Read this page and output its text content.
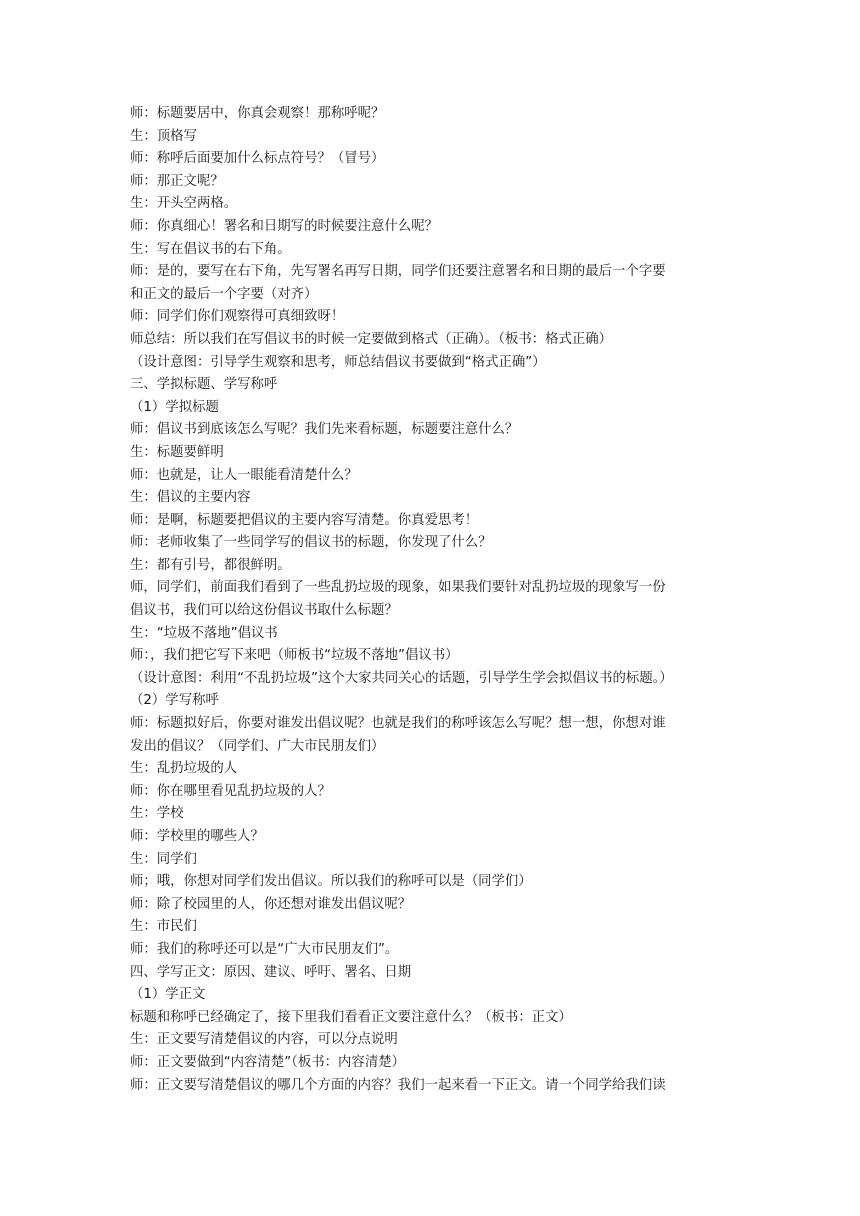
师：标题要居中，你真会观察！那称呼呢？
生：顶格写
师：称呼后面要加什么标点符号？（冒号）
师：那正文呢？
生：开头空两格。
师：你真细心！署名和日期写的时候要注意什么呢？
生：写在倡议书的右下角。
师：是的，要写在右下角，先写署名再写日期，同学们还要注意署名和日期的最后一个字要
和正文的最后一个字要（对齐）
师：同学们你们观察得可真细致呀！
师总结：所以我们在写倡议书的时候一定要做到格式（正确）。（板书：格式正确）
（设计意图：引导学生观察和思考，师总结倡议书要做到“格式正确”）
三、学拟标题、学写称呼
（1）学拟标题
师：倡议书到底该怎么写呢？我们先来看标题，标题要注意什么？
生：标题要鲜明
师：也就是，让人一眼能看清楚什么？
生：倡议的主要内容
师：是啊，标题要把倡议的主要内容写清楚。你真爱思考！
师：老师收集了一些同学写的倡议书的标题，你发现了什么？
生：都有引号，都很鲜明。
师，同学们，前面我们看到了一些乱扔垃圾的现象，如果我们要针对乱扔垃圾的现象写一份
倡议书，我们可以给这份倡议书取什么标题？
生：“垃圾不落地”倡议书
师：，我们把它写下来吧（师板书“垃圾不落地”倡议书）
（设计意图：利用“不乱扔垃圾”这个大家共同关心的话题，引导学生学会拟倡议书的标题。）
（2）学写称呼
师：标题拟好后，你要对谁发出倡议呢？也就是我们的称呼该怎么写呢？想一想，你想对谁
发出的倡议？（同学们、广大市民朋友们）
生：乱扔垃圾的人
师：你在哪里看见乱扔垃圾的人？
生：学校
师：学校里的哪些人？
生：同学们
师；哦，你想对同学们发出倡议。所以我们的称呼可以是（同学们）
师：除了校园里的人，你还想对谁发出倡议呢？
生：市民们
师：我们的称呼还可以是“广大市民朋友们”。
四、学写正文：原因、建议、呼吁、署名、日期
（1）学正文
标题和称呼已经确定了，接下里我们看看正文要注意什么？（板书：正文）
生：正文要写清楚倡议的内容，可以分点说明
师：正文要做到“内容清楚”（板书：内容清楚）
师：正文要写清楚倡议的哪几个方面的内容？我们一起来看一下正文。请一个同学给我们读
